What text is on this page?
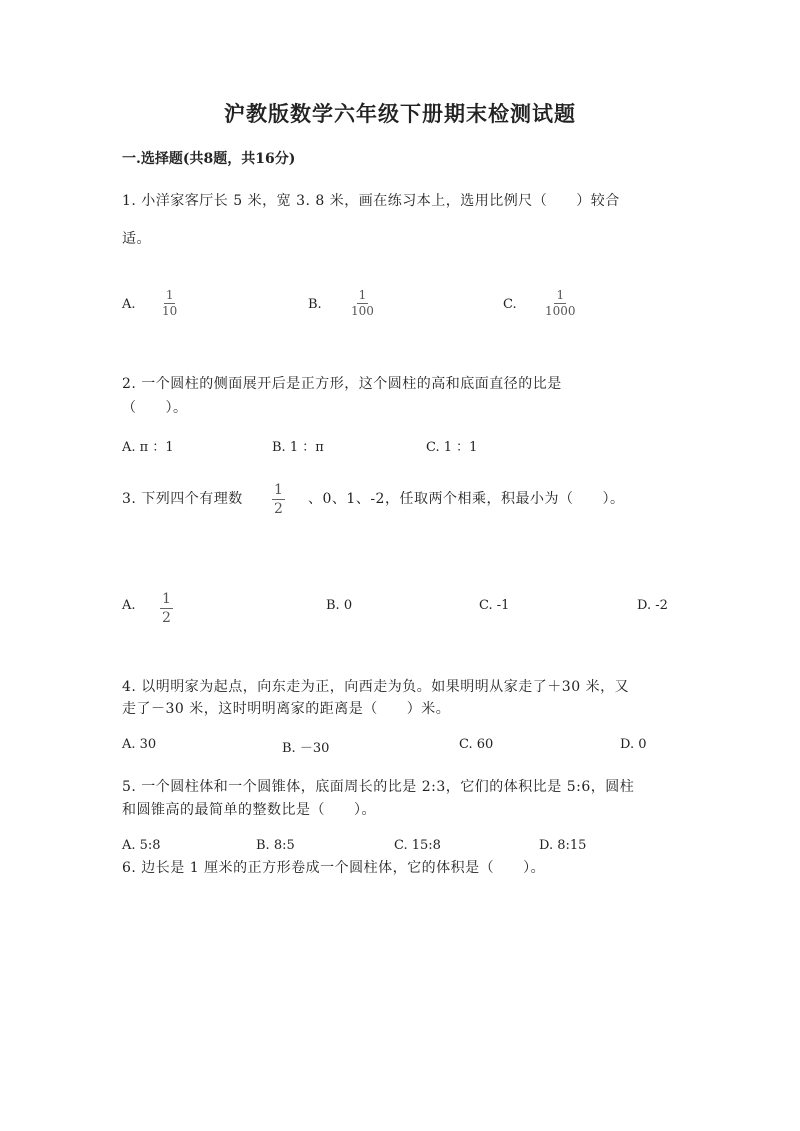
沪教版数学六年级下册期末检测试题
一.选择题(共8题，共16分)
1. 小洋家客厅长 5 米，宽 3. 8 米，画在练习本上，选用比例尺（　　）较合
适。
A. $\frac{1}{10}$	B. $\frac{1}{100}$	C. $\frac{1}{1000}$
2. 一个圆柱的侧面展开后是正方形，这个圆柱的高和底面直径的比是
（　　）。
A. π ：1	B. 1 ：π	C. 1 ：1
3. 下列四个有理数 $\frac{1}{2}$ 、0、1、-2，任取两个相乘，积最小为（　　）。
A. $\frac{1}{2}$	B. 0	C. -1	D. -2
4. 以明明家为起点，向东走为正，向西走为负。如果明明从家走了＋30 米，又
走了－30 米，这时明明离家的距离是（　　）米。
A. 30	B. －30	C. 60	D. 0
5. 一个圆柱体和一个圆锥体，底面周长的比是 2:3，它们的体积比是 5:6，圆柱
和圆锥高的最简单的整数比是（　　）。
A. 5:8	B. 8:5	C. 15:8	D. 8:15
6. 边长是 1 厘米的正方形卷成一个圆柱体，它的体积是（　　）。
